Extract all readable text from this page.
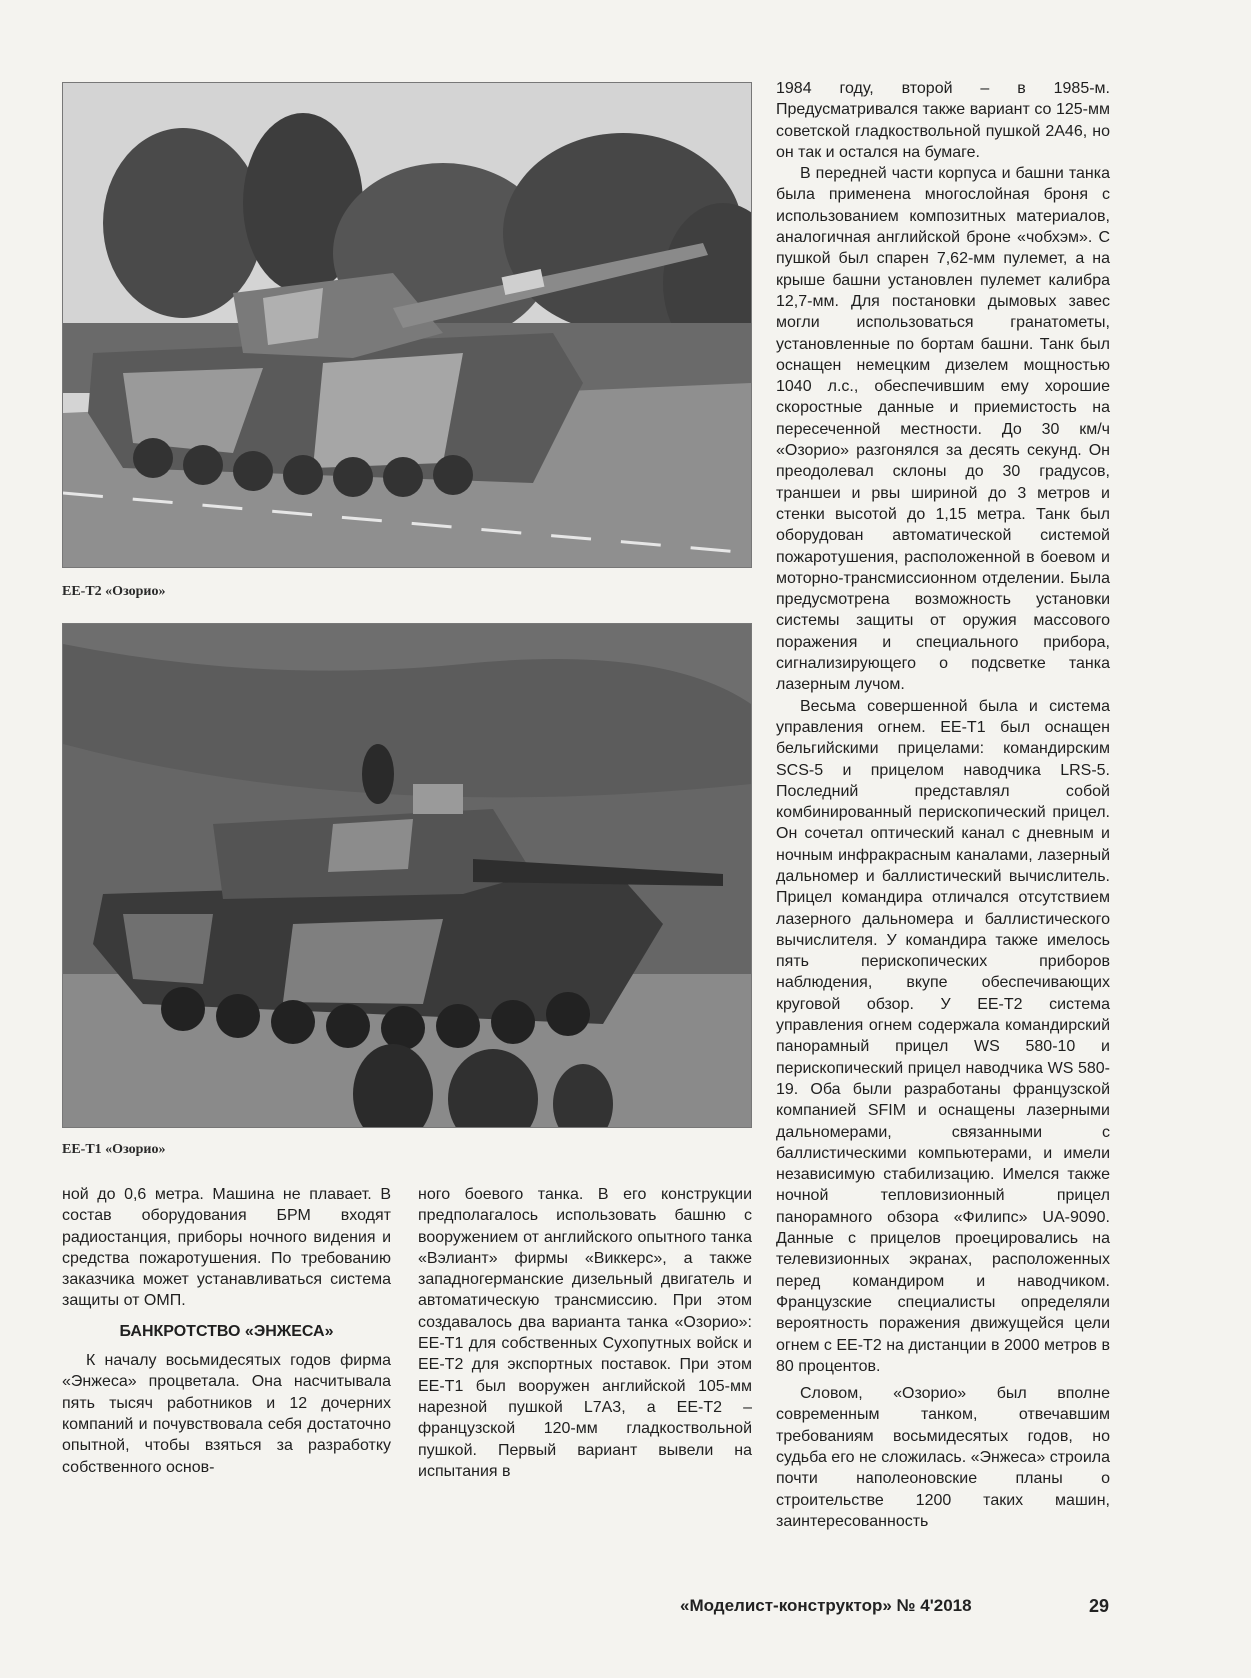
ЕЕ-Т2 «Озорио»
ЕЕ-Т1 «Озорио»

1984 году, второй – в 1985-м. Предусматривался также вариант со 125-мм советской гладкоствольной пушкой 2А46, но он так и остался на бумаге.

В передней части корпуса и башни танка была применена многослойная броня с использованием композитных материалов, аналогичная английской броне «чобхэм». С пушкой был спарен 7,62-мм пулемет, а на крыше башни установлен пулемет калибра 12,7-мм. Для постановки дымовых завес могли использоваться гранатометы, установленные по бортам башни. Танк был оснащен немецким дизелем мощностью 1040 л.с., обеспечившим ему хорошие скоростные данные и приемистость на пересеченной местности. До 30 км/ч «Озорио» разгонялся за десять секунд. Он преодолевал склоны до 30 градусов, траншеи и рвы шириной до 3 метров и стенки высотой до 1,15 метра. Танк был оборудован автоматической системой пожаротушения, расположенной в боевом и моторно-трансмиссионном отделении. Была предусмотрена возможность установки системы защиты от оружия массового поражения и специального прибора, сигнализирующего о подсветке танка лазерным лучом.

Весьма совершенной была и система управления огнем. ЕЕ-Т1 был оснащен бельгийскими прицелами: командирским SCS-5 и прицелом наводчика LRS-5. Последний представлял собой комбинированный перископический прицел. Он сочетал оптический канал с дневным и ночным инфракрасным каналами, лазерный дальномер и баллистический вычислитель. Прицел командира отличался отсутствием лазерного дальномера и баллистического вычислителя. У командира также имелось пять перископических приборов наблюдения, вкупе обеспечивающих круговой обзор. У ЕЕ-Т2 система управления огнем содержала командирский панорамный прицел WS 580-10 и перископический прицел наводчика WS 580-19. Оба были разработаны французской компанией SFIM и оснащены лазерными дальномерами, связанными с баллистическими компьютерами, и имели независимую стабилизацию. Имелся также ночной тепловизионный прицел панорамного обзора «Филипс» UA-9090. Данные с прицелов проецировались на телевизионных экранах, расположенных перед командиром и наводчиком. Французские специалисты определяли вероятность поражения движущейся цели огнем с ЕЕ-Т2 на дистанции в 2000 метров в 80 процентов.

Словом, «Озорио» был вполне современным танком, отвечавшим требованиям восьмидесятых годов, но судьба его не сложилась. «Энжеса» строила почти наполеоновские планы о строительстве 1200 таких машин, заинтересованность

ной до 0,6 метра. Машина не плавает. В состав оборудования БРМ входят радиостанция, приборы ночного видения и средства пожаротушения. По требованию заказчика может устанавливаться система защиты от ОМП.

БАНКРОТСТВО «ЭНЖЕСА»

К началу восьмидесятых годов фирма «Энжеса» процветала. Она насчитывала пять тысяч работников и 12 дочерних компаний и почувствовала себя достаточно опытной, чтобы взяться за разработку собственного основ-

ного боевого танка. В его конструкции предполагалось использовать башню с вооружением от английского опытного танка «Вэлиант» фирмы «Виккерс», а также западногерманские дизельный двигатель и автоматическую трансмиссию. При этом создавалось два варианта танка «Озорио»: ЕЕ-Т1 для собственных Сухопутных войск и ЕЕ-Т2 для экспортных поставок. При этом ЕЕ-Т1 был вооружен английской 105-мм нарезной пушкой L7A3, а ЕЕ-Т2 – французской 120-мм гладкоствольной пушкой. Первый вариант вывели на испытания в

«Моделист-конструктор» № 4'2018	29
